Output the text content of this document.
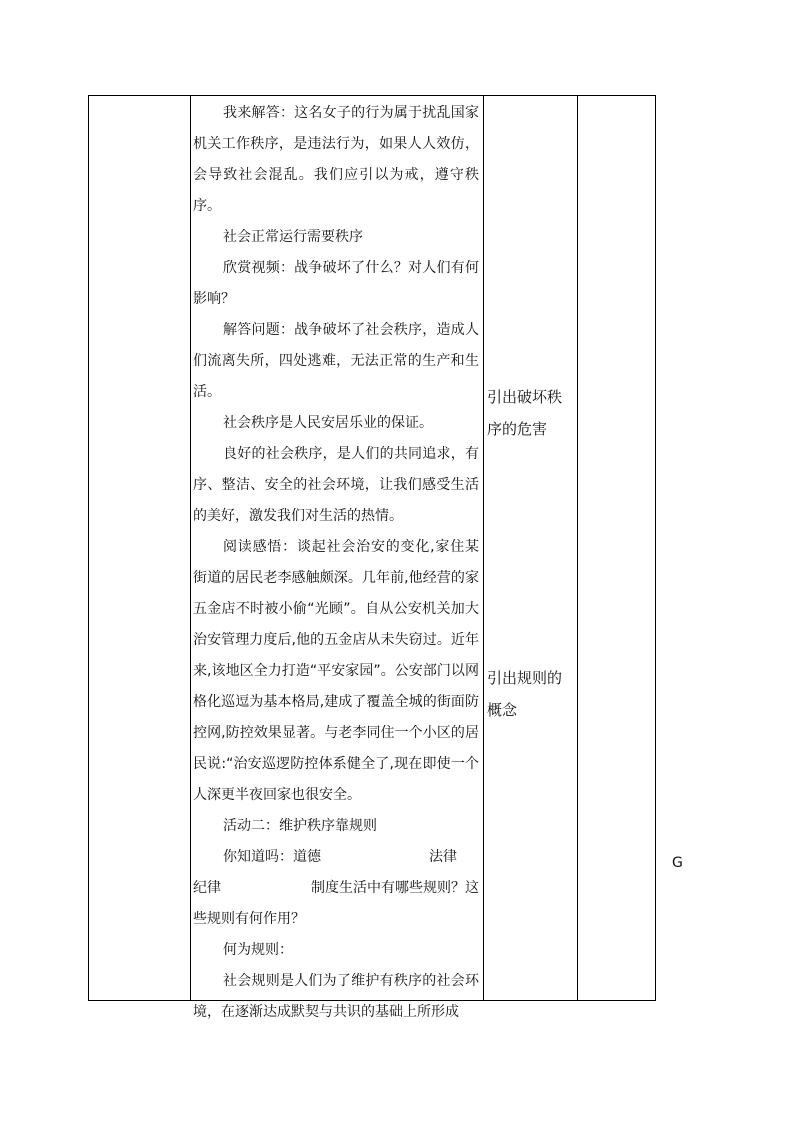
我来解答：这名女子的行为属于扰乱国家机关工作秩序，是违法行为，如果人人效仿，会导致社会混乱。我们应引以为戒，遵守秩序。

社会正常运行需要秩序

欣赏视频：战争破坏了什么？对人们有何影响？

解答问题：战争破坏了社会秩序，造成人们流离失所，四处逃难，无法正常的生产和生活。

社会秩序是人民安居乐业的保证。

良好的社会秩序，是人们的共同追求，有序、整洁、安全的社会环境，让我们感受生活的美好，激发我们对生活的热情。

阅读感悟：谈起社会治安的变化,家住某街道的居民老李感触颇深。几年前,他经营的家五金店不时被小偷“光顾”。自从公安机关加大治安管理力度后,他的五金店从未失窃过。近年来,该地区全力打造“平安家园”。公安部门以网格化巡逗为基本格局,建成了覆盖全城的街面防控网,防控效果显著。与老李同住一个小区的居民说:“治安巡逻防控体系健全了,现在即使一个人深更半夜回家也很安全。

活动二：维护秩序靠规则

你知道吗：道德	法律
纪律	制度生活中有哪些规则？这些规则有何作用？

何为规则：

社会规则是人们为了维护有秩序的社会环境，在逐渐达成默契与共识的基础上所形成

引出破坏秩序的危害
引出规则的概念
G
